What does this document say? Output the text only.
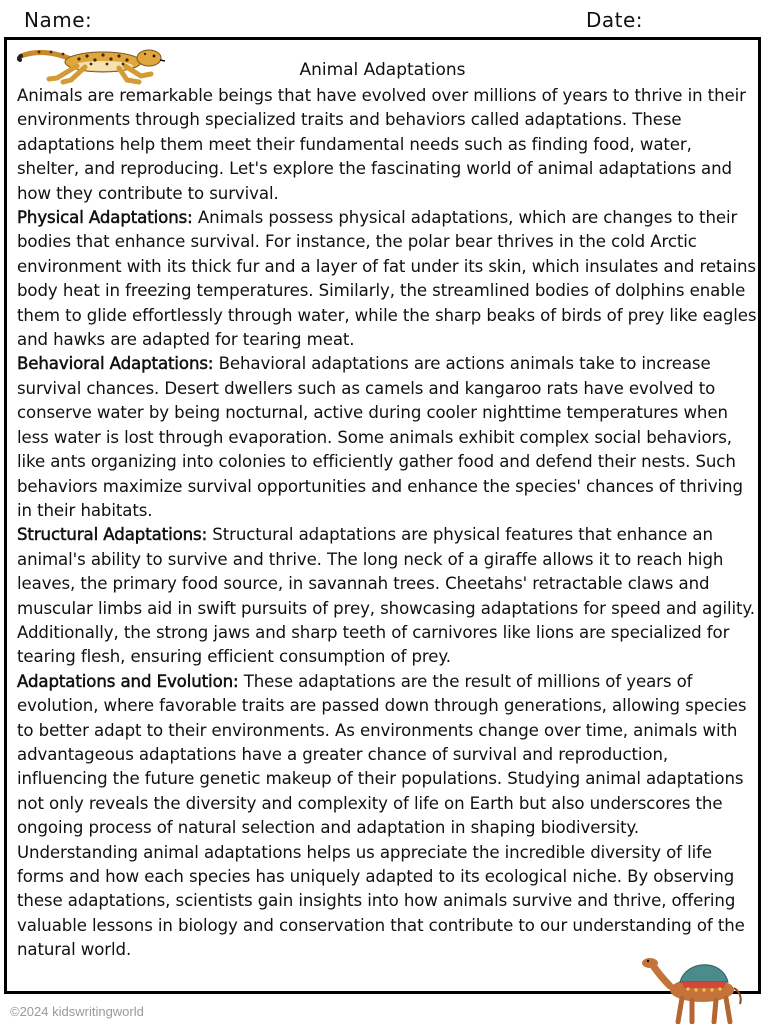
Name:	Date:
Animal Adaptations

Animals are remarkable beings that have evolved over millions of years to thrive in their environments through specialized traits and behaviors called adaptations. These adaptations help them meet their fundamental needs such as finding food, water, shelter, and reproducing. Let's explore the fascinating world of animal adaptations and how they contribute to survival.

Physical Adaptations: Animals possess physical adaptations, which are changes to their bodies that enhance survival. For instance, the polar bear thrives in the cold Arctic environment with its thick fur and a layer of fat under its skin, which insulates and retains body heat in freezing temperatures. Similarly, the streamlined bodies of dolphins enable them to glide effortlessly through water, while the sharp beaks of birds of prey like eagles and hawks are adapted for tearing meat.

Behavioral Adaptations: Behavioral adaptations are actions animals take to increase survival chances. Desert dwellers such as camels and kangaroo rats have evolved to conserve water by being nocturnal, active during cooler nighttime temperatures when less water is lost through evaporation. Some animals exhibit complex social behaviors, like ants organizing into colonies to efficiently gather food and defend their nests. Such behaviors maximize survival opportunities and enhance the species' chances of thriving in their habitats.

Structural Adaptations: Structural adaptations are physical features that enhance an animal's ability to survive and thrive. The long neck of a giraffe allows it to reach high leaves, the primary food source, in savannah trees. Cheetahs' retractable claws and muscular limbs aid in swift pursuits of prey, showcasing adaptations for speed and agility. Additionally, the strong jaws and sharp teeth of carnivores like lions are specialized for tearing flesh, ensuring efficient consumption of prey.

Adaptations and Evolution: These adaptations are the result of millions of years of evolution, where favorable traits are passed down through generations, allowing species to better adapt to their environments. As environments change over time, animals with advantageous adaptations have a greater chance of survival and reproduction, influencing the future genetic makeup of their populations. Studying animal adaptations not only reveals the diversity and complexity of life on Earth but also underscores the ongoing process of natural selection and adaptation in shaping biodiversity.

Understanding animal adaptations helps us appreciate the incredible diversity of life forms and how each species has uniquely adapted to its ecological niche. By observing these adaptations, scientists gain insights into how animals survive and thrive, offering valuable lessons in biology and conservation that contribute to our understanding of the natural world.

©2024 kidswritingworld
